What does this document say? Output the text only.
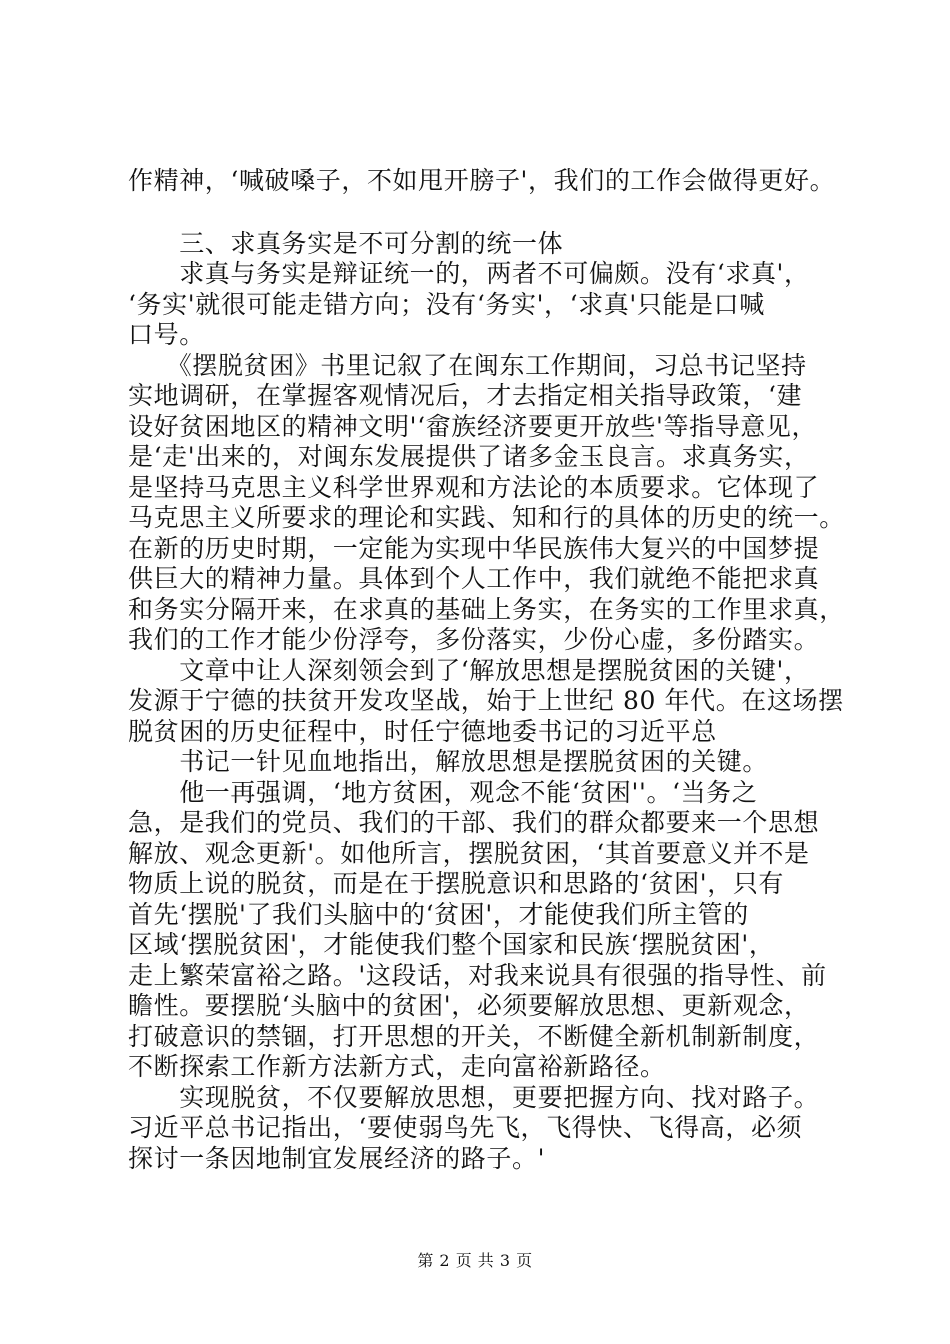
作精神，‘喊破嗓子，不如甩开膀子'，我们的工作会做得更好。
　　三、求真务实是不可分割的统一体
　　求真与务实是辩证统一的，两者不可偏颇。没有‘求真'，
‘务实'就很可能走错方向；没有‘务实'，‘求真'只能是口喊
口号。
　　《摆脱贫困》书里记叙了在闽东工作期间，习总书记坚持
实地调研，在掌握客观情况后，才去指定相关指导政策，‘建
设好贫困地区的精神文明'‘畲族经济要更开放些'等指导意见，
是‘走'出来的，对闽东发展提供了诸多金玉良言。求真务实，
是坚持马克思主义科学世界观和方法论的本质要求。它体现了
马克思主义所要求的理论和实践、知和行的具体的历史的统一。
在新的历史时期，一定能为实现中华民族伟大复兴的中国梦提
供巨大的精神力量。具体到个人工作中，我们就绝不能把求真
和务实分隔开来，在求真的基础上务实，在务实的工作里求真，
我们的工作才能少份浮夸，多份落实，少份心虚，多份踏实。
　　文章中让人深刻领会到了‘解放思想是摆脱贫困的关键'，
发源于宁德的扶贫开发攻坚战，始于上世纪 80 年代。在这场摆
脱贫困的历史征程中，时任宁德地委书记的习近平总
　　书记一针见血地指出，解放思想是摆脱贫困的关键。
　　他一再强调，‘地方贫困，观念不能‘贫困''。‘当务之
急，是我们的党员、我们的干部、我们的群众都要来一个思想
解放、观念更新'。如他所言，摆脱贫困，‘其首要意义并不是
物质上说的脱贫，而是在于摆脱意识和思路的‘贫困'，只有
首先‘摆脱'了我们头脑中的‘贫困'，才能使我们所主管的
区域‘摆脱贫困'，才能使我们整个国家和民族‘摆脱贫困'，
走上繁荣富裕之路。'这段话，对我来说具有很强的指导性、前
瞻性。要摆脱‘头脑中的贫困'，必须要解放思想、更新观念，
打破意识的禁锢，打开思想的开关，不断健全新机制新制度，
不断探索工作新方法新方式，走向富裕新路径。
　　实现脱贫，不仅要解放思想，更要把握方向、找对路子。
习近平总书记指出，‘要使弱鸟先飞，飞得快、飞得高，必须
探讨一条因地制宜发展经济的路子。'
第 2 页 共 3 页
